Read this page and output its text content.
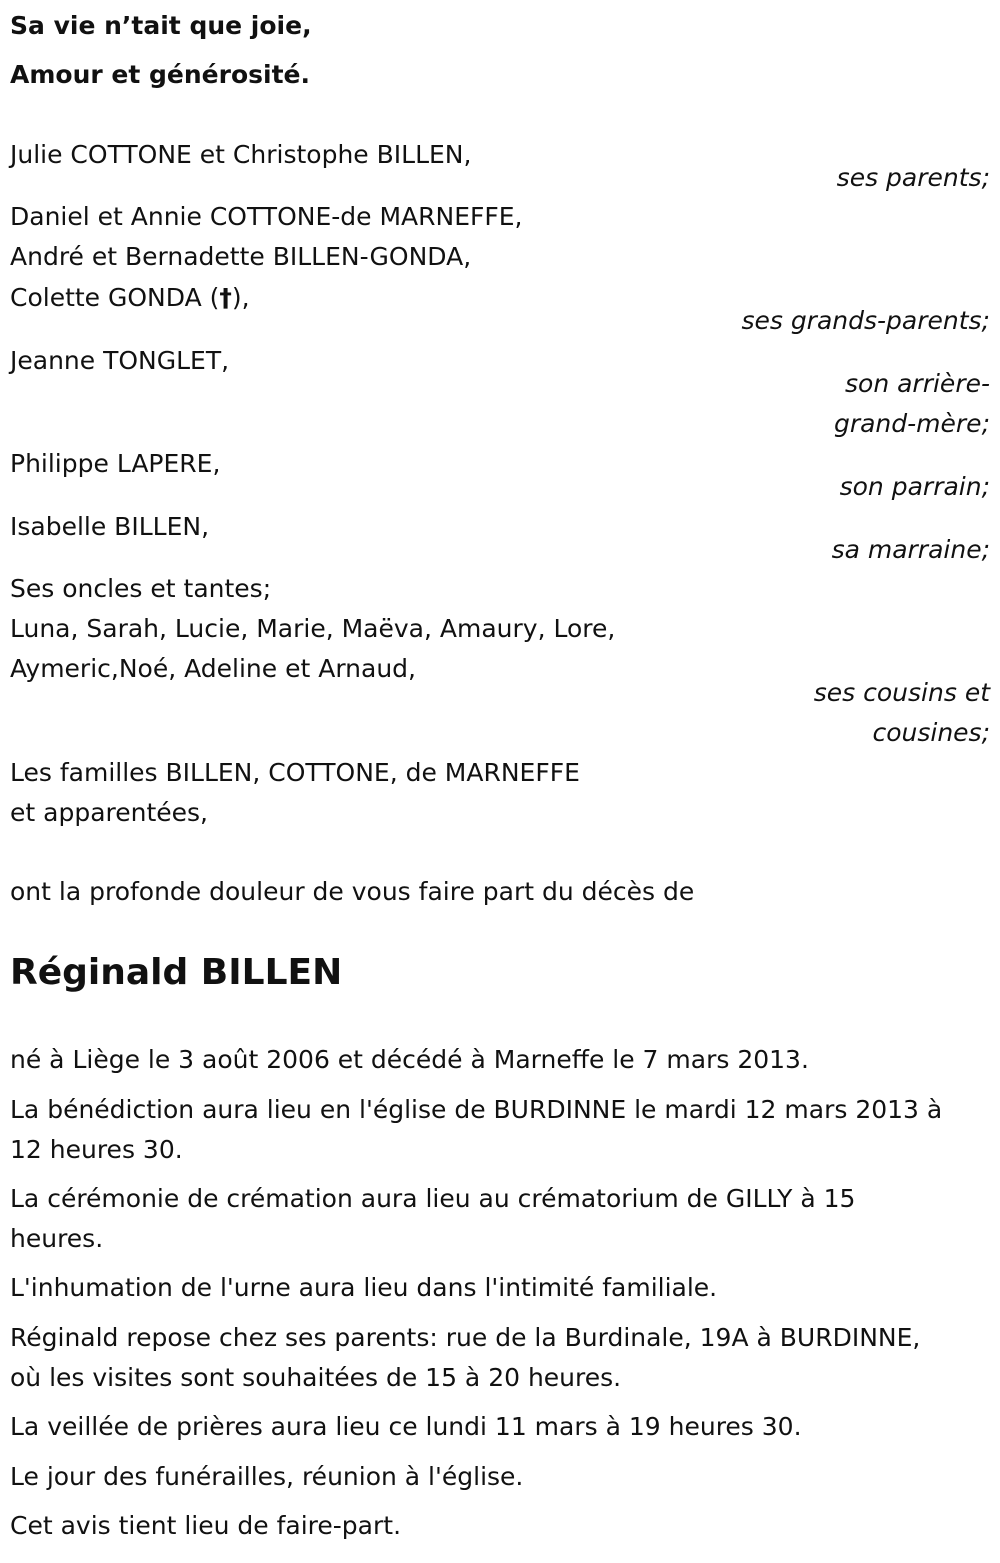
Sa vie n’tait que joie,
Amour et générosité.
Julie COTTONE et Christophe BILLEN,
ses parents;
Daniel et Annie COTTONE-de MARNEFFE,
André et Bernadette BILLEN-GONDA,
Colette GONDA (†),
ses grands-parents;
Jeanne TONGLET,
son arrière-
grand-mère;
Philippe LAPERE,
son parrain;
Isabelle BILLEN,
sa marraine;
Ses oncles et tantes;
Luna, Sarah, Lucie, Marie, Maëva, Amaury, Lore,
Aymeric,Noé, Adeline et Arnaud,
ses cousins et
cousines;
Les familles BILLEN, COTTONE, de MARNEFFE
et apparentées,
ont la profonde douleur de vous faire part du décès de
Réginald BILLEN
né à Liège le 3 août 2006 et décédé à Marneffe le 7 mars 2013.
La bénédiction aura lieu en l'église de BURDINNE le mardi 12 mars 2013 à
12 heures 30.
La cérémonie de crémation aura lieu au crématorium de GILLY à 15
heures.
L'inhumation de l'urne aura lieu dans l'intimité familiale.
Réginald repose chez ses parents: rue de la Burdinale, 19A à BURDINNE,
où les visites sont souhaitées de 15 à 20 heures.
La veillée de prières aura lieu ce lundi 11 mars à 19 heures 30.
Le jour des funérailles, réunion à l'église.
Cet avis tient lieu de faire-part.
